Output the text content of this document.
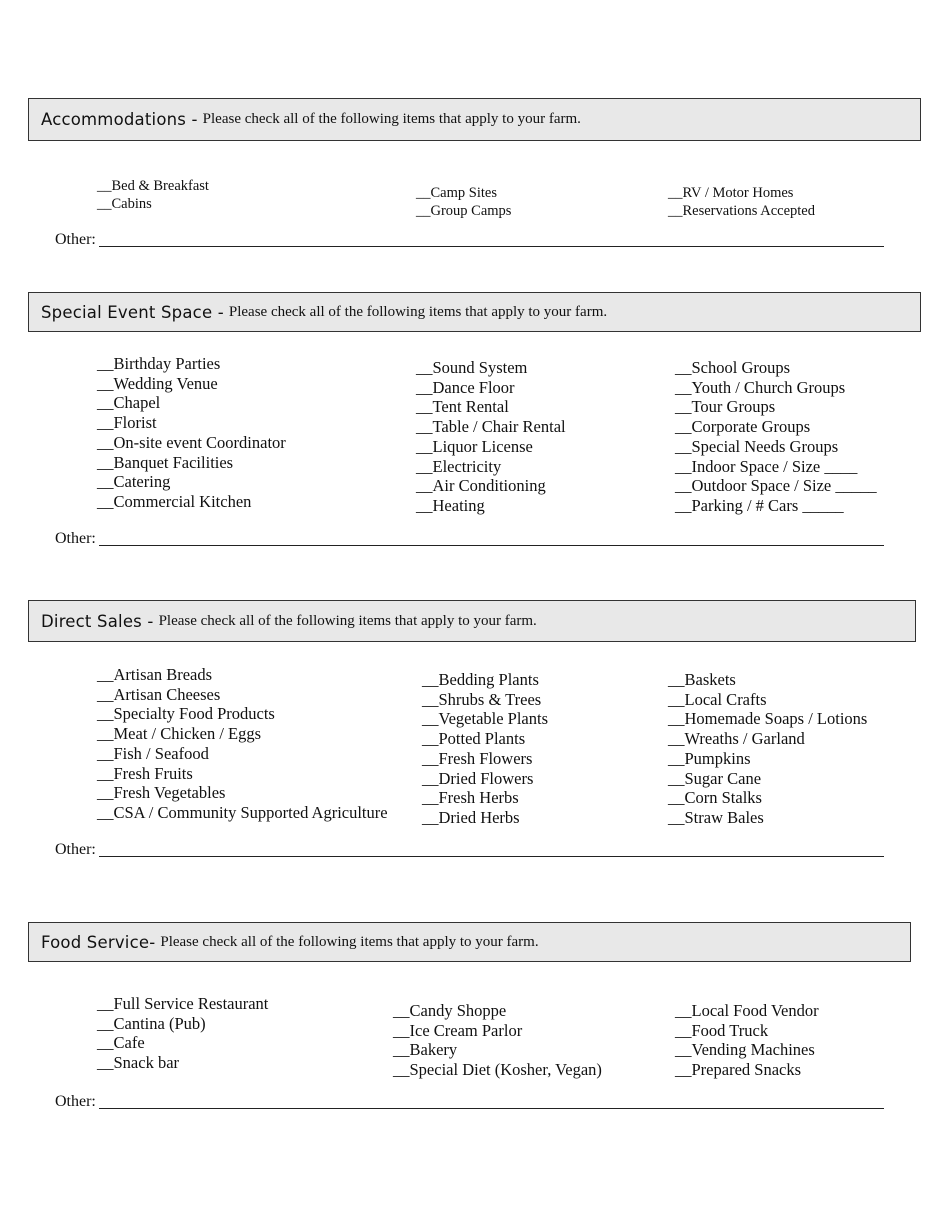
Accommodations - Please check all of the following items that apply to your farm.
__ Bed & Breakfast
__ Cabins
__ Camp Sites
__ Group Camps
__ RV / Motor Homes
__ Reservations Accepted
Other:
Special Event Space - Please check all of the following items that apply to your farm.
__ Birthday Parties
__ Wedding Venue
__ Chapel
__ Florist
__ On-site event Coordinator
__ Banquet Facilities
__ Catering
__ Commercial Kitchen
__ Sound System
__ Dance Floor
__ Tent Rental
__ Table / Chair Rental
__ Liquor License
__ Electricity
__ Air Conditioning
__ Heating
__ School Groups
__ Youth / Church Groups
__ Tour Groups
__ Corporate Groups
__ Special Needs Groups
__ Indoor Space / Size ____
__ Outdoor Space / Size _____
__ Parking / # Cars _____
Other:
Direct Sales - Please check all of the following items that apply to your farm.
__ Artisan Breads
__ Artisan Cheeses
__ Specialty Food Products
__ Meat / Chicken / Eggs
__ Fish / Seafood
__ Fresh Fruits
__ Fresh Vegetables
__ CSA / Community Supported Agriculture
__ Bedding Plants
__ Shrubs & Trees
__ Vegetable Plants
__ Potted Plants
__ Fresh Flowers
__ Dried Flowers
__ Fresh Herbs
__ Dried Herbs
__ Baskets
__ Local Crafts
__ Homemade Soaps / Lotions
__ Wreaths / Garland
__ Pumpkins
__ Sugar Cane
__ Corn Stalks
__ Straw Bales
Other:
Food Service- Please check all of the following items that apply to your farm.
__ Full Service Restaurant
__ Cantina (Pub)
__ Cafe
__ Snack bar
__ Candy Shoppe
__ Ice Cream Parlor
__ Bakery
__ Special Diet (Kosher, Vegan)
__ Local Food Vendor
__ Food Truck
__ Vending Machines
__ Prepared Snacks
Other:
